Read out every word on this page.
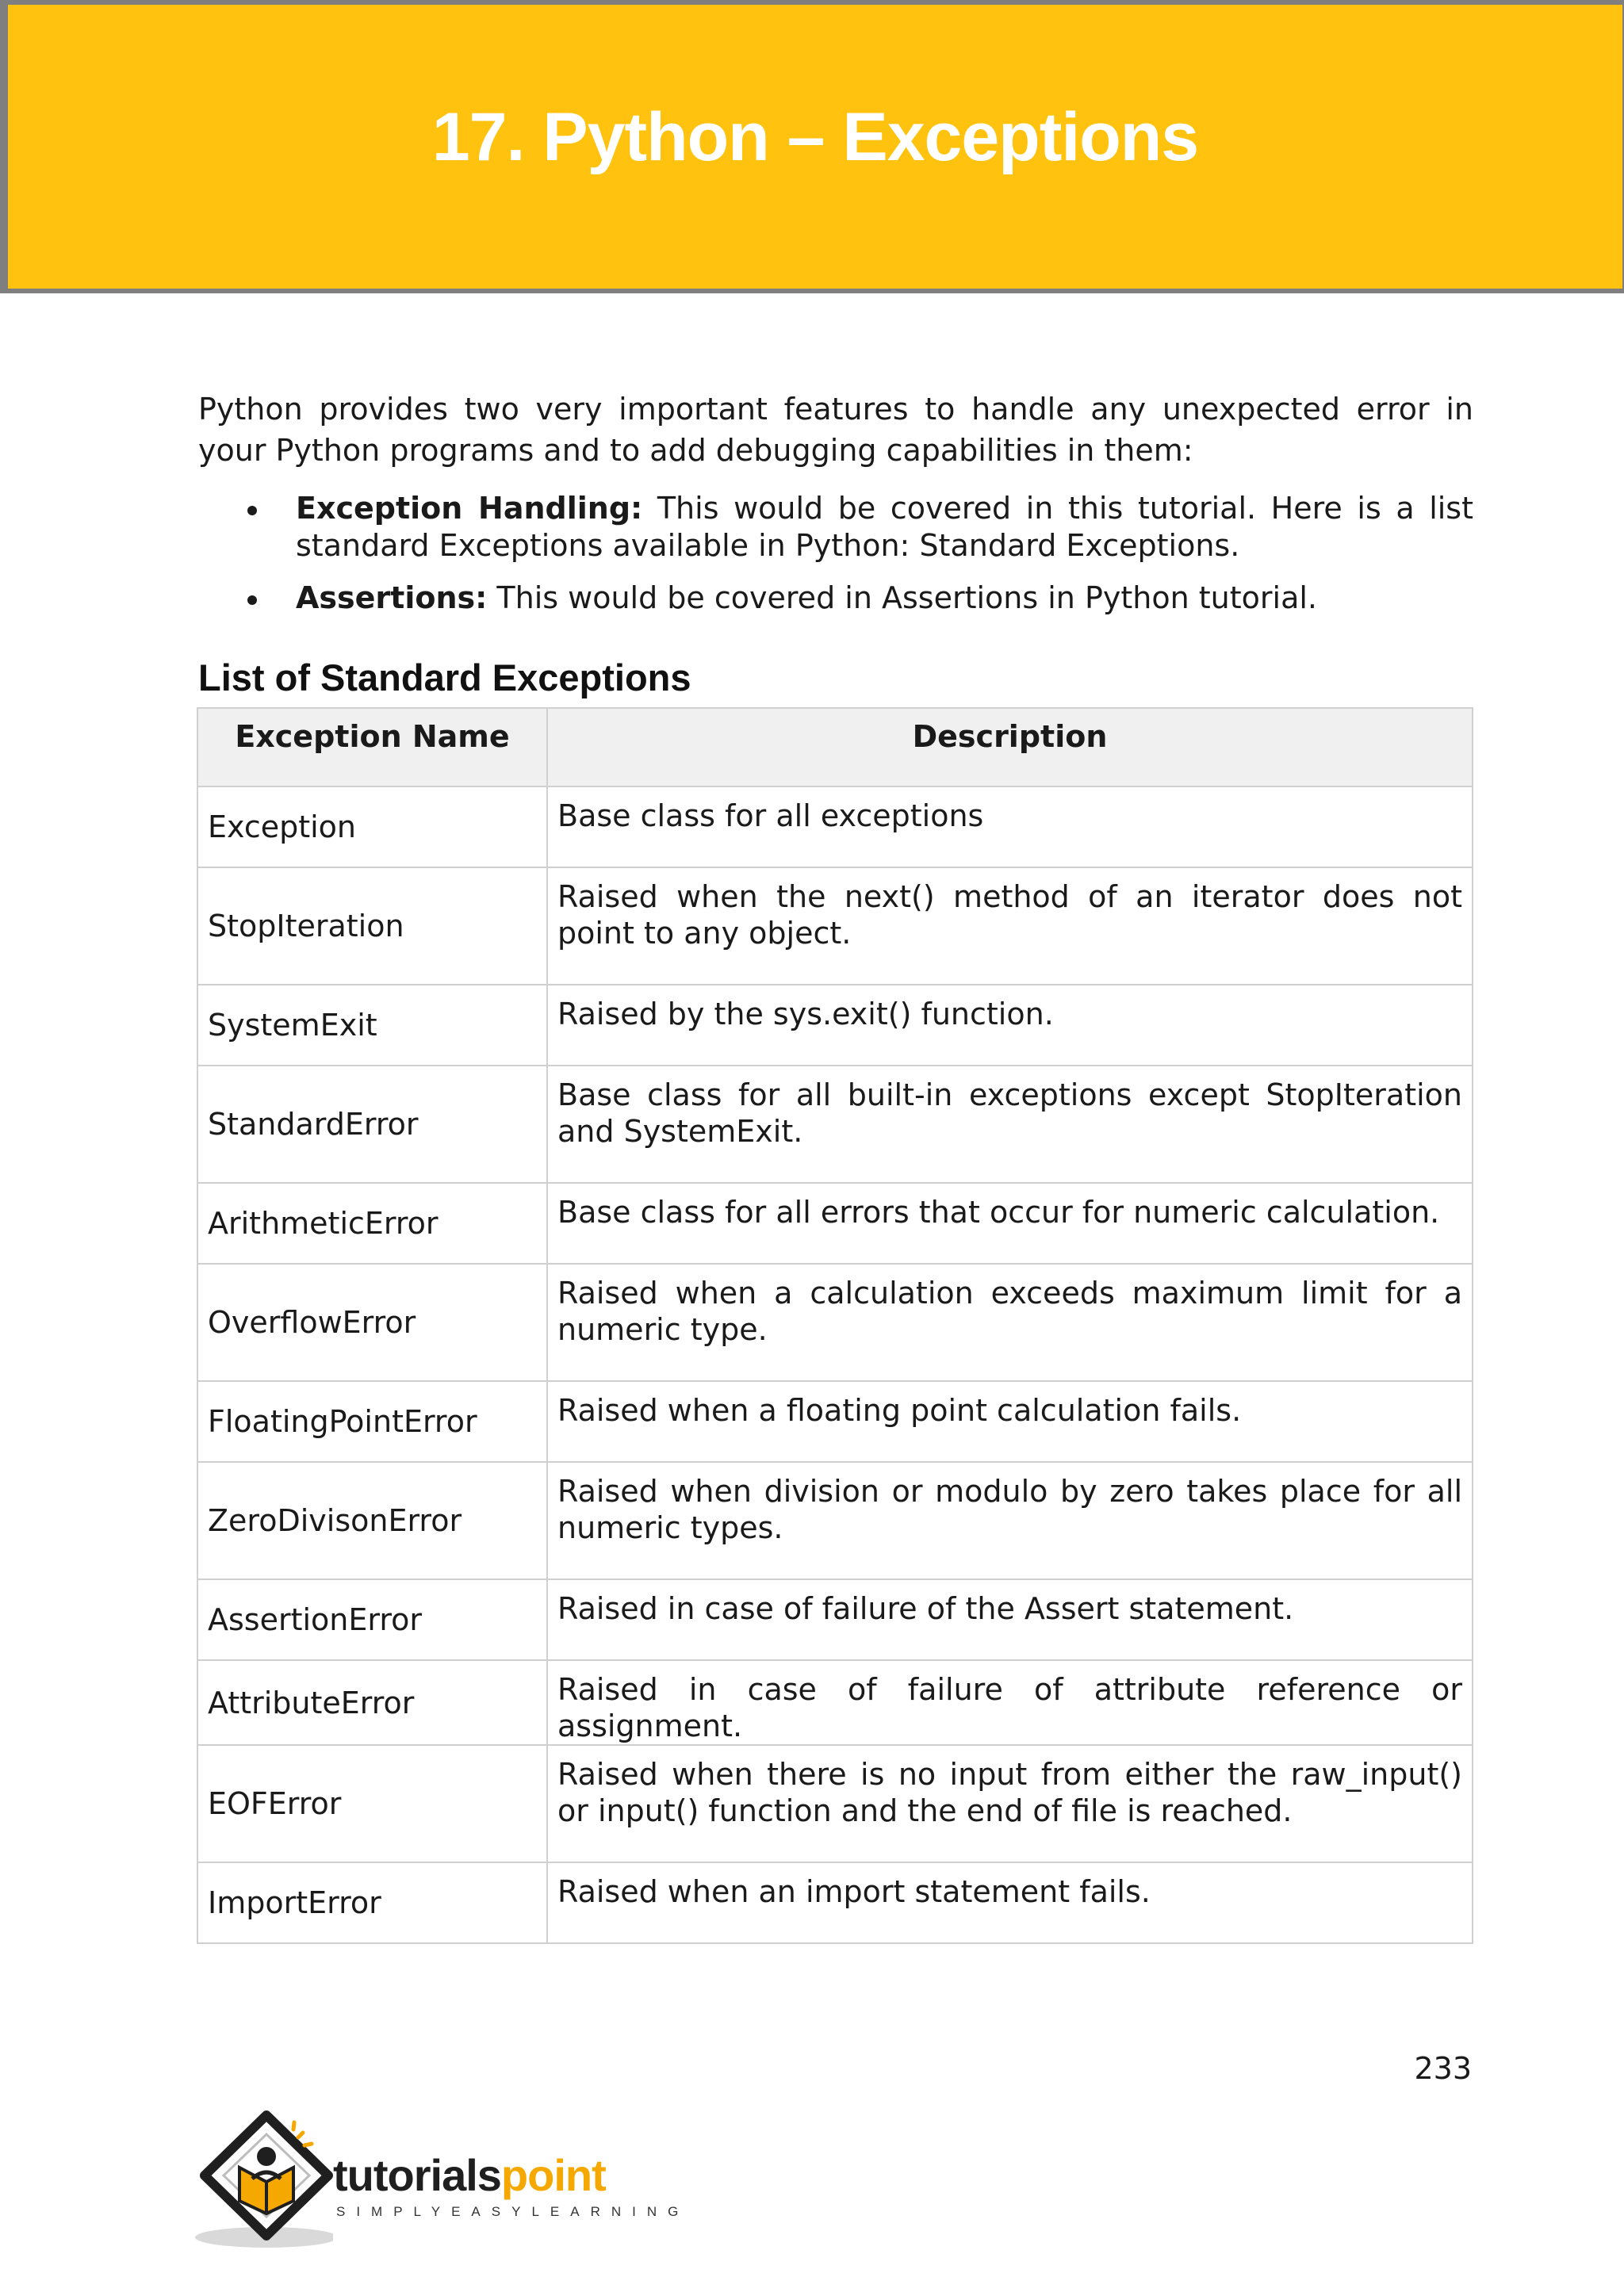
17. Python – Exceptions

Python provides two very important features to handle any unexpected error in your Python programs and to add debugging capabilities in them:

Exception Handling: This would be covered in this tutorial. Here is a list standard Exceptions available in Python: Standard Exceptions.
Assertions: This would be covered in Assertions in Python tutorial.
List of Standard Exceptions
Exception Name	Description
Exception	Base class for all exceptions
StopIteration	Raised when the next() method of an iterator does not point to any object.
SystemExit	Raised by the sys.exit() function.
StandardError	Base class for all built-in exceptions except StopIteration and SystemExit.
ArithmeticError	Base class for all errors that occur for numeric calculation.
OverflowError	Raised when a calculation exceeds maximum limit for a numeric type.
FloatingPointError	Raised when a floating point calculation fails.
ZeroDivisonError	Raised when division or modulo by zero takes place for all numeric types.
AssertionError	Raised in case of failure of the Assert statement.
AttributeError	Raised in case of failure of attribute reference or assignment.
EOFError	Raised when there is no input from either the raw_input() or input() function and the end of file is reached.
ImportError	Raised when an import statement fails.
233
tutorialspoint
SIMPLYEASYLEARNING
